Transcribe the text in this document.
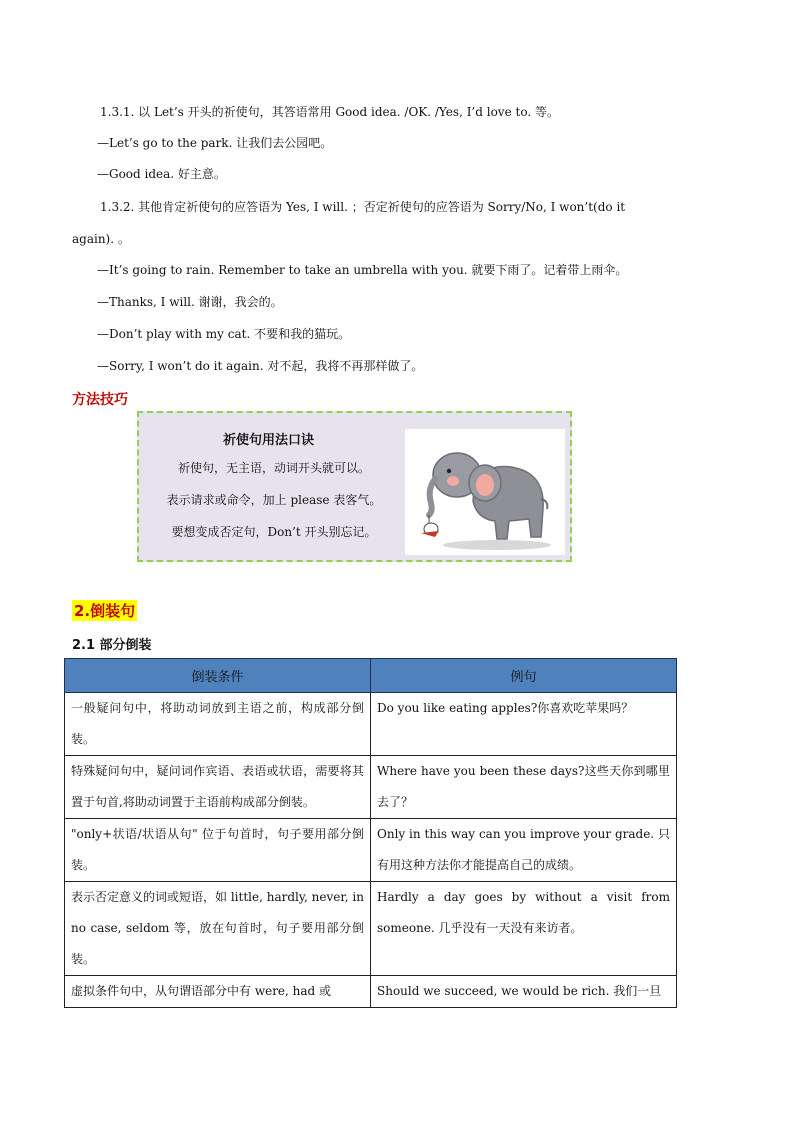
1.3.1. 以 Let’s 开头的祈使句，其答语常用 Good idea. /OK. /Yes, I’d love to. 等。
—Let’s go to the park. 让我们去公园吧。
—Good idea. 好主意。
1.3.2. 其他肯定祈使句的应答语为 Yes, I will. ；否定祈使句的应答语为 Sorry/No, I won’t(do it
again). 。
—It’s going to rain. Remember to take an umbrella with you. 就要下雨了。记着带上雨伞。
—Thanks, I will. 谢谢，我会的。
—Don’t play with my cat. 不要和我的猫玩。
—Sorry, I won’t do it again. 对不起，我将不再那样做了。
方法技巧
祈使句用法口诀
祈使句，无主语，动词开头就可以。
表示请求或命令，加上 please 表客气。
要想变成否定句，Don’t 开头别忘记。
2.倒装句
2.1 部分倒装
倒装条件	例句
一般疑问句中，将助动词放到主语之前，构成部分倒装。	Do you like eating apples?你喜欢吃苹果吗？
特殊疑问句中，疑问词作宾语、表语或状语，需要将其置于句首,将助动词置于主语前构成部分倒装。	Where have you been these days?这些天你到哪里去了？
"only+状语/状语从句" 位于句首时，句子要用部分倒装。	Only in this way can you improve your grade. 只有用这种方法你才能提高自己的成绩。
表示否定意义的词或短语，如 little, hardly, never, in no case, seldom 等，放在句首时，句子要用部分倒装。	Hardly a day goes by without a visit from someone. 几乎没有一天没有来访者。
虚拟条件句中，从句谓语部分中有 were, had 或	Should we succeed, we would be rich. 我们一旦
